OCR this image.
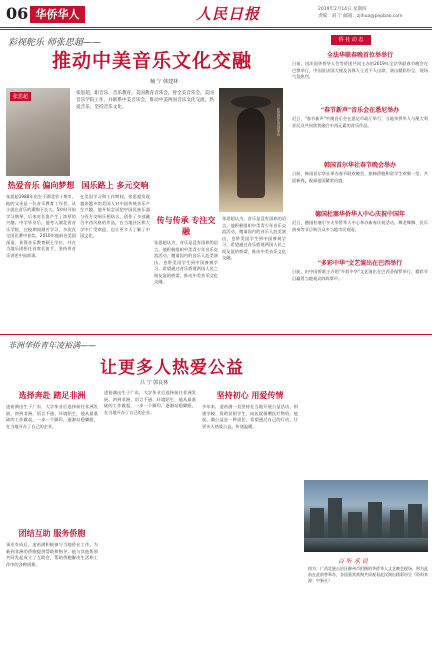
06 华侨华人	人民日报	2019年2月14日 星期四
责编：刘 宁 邮箱：zjihua@pepbao.com
彩视舵乐 师张思超——
推动中美音乐文化交融
楠 宁 韩建林
张思超
张思超，职音乐、音乐教育，美国教育音乐会，曾全美音乐会，美国音乐学院工作，并联系中美音乐会，推动中美两国音乐文化交流，热爱音乐，坚持音乐文化。
张思超在美国演出
热爱音乐 偏向梦想
张思超1988年出生于湖北省十堰市，他的父亲是一位音乐教育工作者，从小就在音乐的熏陶下长大。5岁时开始学习钢琴，后来对长笛产生了浓厚的兴趣。中学毕业后，他考入湖北省音乐学院，在校期间刻苦学习，多次在全国比赛中获奖。2010年他前往美国深造，获得音乐教育硕士学位，并在当地乐团担任首席长笛手，坚持用音乐讲述中国故事。
国乐路上 多元交响
在美国学习和工作期间，张思超发现越来越多的美国人对中国传统音乐产生兴趣。他开始尝试把中国民族乐器与西方交响乐相结合，创作了多部融合中西风格的作品，在当地社区和大学中广受欢迎，也让更多人了解了中国文化。
传与传承 专注交融
张思超认为，音乐是没有国界的语言。他积极组织中美青少年音乐交流活动，邀请国内的音乐人赴美演出，也带美国学生到中国参观学习，希望通过音乐搭建两国人民之间友谊的桥梁，推动中美音乐文化交融。
张思超认为，音乐是没有国界的语言。他积极组织中美青少年音乐交流活动，邀请国内的音乐人赴美演出，也带美国学生到中国参观学习，希望通过音乐搭建两国人民之间友谊的桥梁，推动中美音乐文化交融。
侨 社 动 态
全法华联春晚首位举举行
日前，由法国华侨华人会等侨团共同主办的2019年全法华联春节晚会在巴黎举行，中国驻法国大使及各界人士近千人出席，演出精彩纷呈，现场气氛热烈。
"春节新声"音乐会在悉尼举办
近日，"春节新声"中澳音乐会在悉尼市政厅举行，当地华侨华人与澳大利亚民众共同欣赏融合中西元素的音乐作品。
韩国首尔华社春节晚会举办
日前，韩国首尔华社举办春节联欢晚会，旅韩侨胞和留学生欢聚一堂，共迎新春，祝福祖国繁荣昌盛。
德国杜塞华侨华人中心庆祝中国年
近日，德国杜塞尔多夫华侨华人中心举办新春庆祝活动，舞龙舞狮、民乐演奏等节目吸引众多当地市民观看。
"多彩中华"文艺演出在巴西举行
日前，由中国侨联主办的"多彩中华"文艺演出在巴西圣保罗举行，精彩节目赢得当地观众阵阵掌声。
非洲华侨青年凌裕满——
让更多人热爱公益
吕 宁 郭良林
选择奔赴 踏足非洲
凌裕满出生于广东，大学毕业后选择前往非洲发展。初到非洲，语言不通、环境陌生，他从最基础的工作做起，一步一个脚印，逐渐站稳脚跟，在当地开办了自己的企业。
团结互助 服务侨胞
事业有成后，凌裕满积极参与当地侨社工作，为新到非洲的侨胞提供帮助和指导。他与其他侨领共同发起成立了互助会，帮助侨胞解决生活和工作中的各种困难。
凌裕满出生于广东，大学毕业后选择前往非洲发展。初到非洲，语言不通、环境陌生，他从最基础的工作做起，一步一个脚印，逐渐站稳脚跟，在当地开办了自己的企业。
坚持初心 用爱传情
多年来，凌裕满一直坚持在当地开展公益活动，捐建学校、资助贫困学生、向医院捐赠医疗物资。他说，做公益是一种责任，希望通过自己的行动，让更多人热爱公益，传递温暖。
百 听 承 说
图为：广西壮族自治区柳州市拍摄的华侨华人文艺晚会现场，图为此前在此前曾举办，各国嘉宾欢聚共同观看此次演出精彩纷呈（资料来源：中新社）
